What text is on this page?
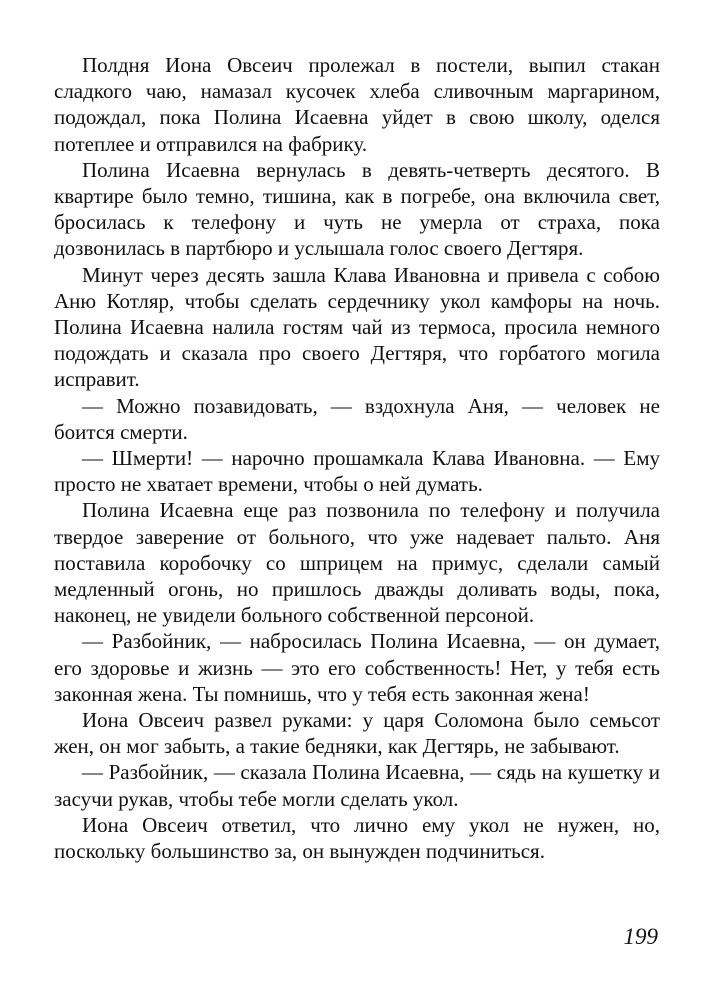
Полдня Иона Овсеич пролежал в постели, выпил стакан сладкого чаю, намазал кусочек хлеба сливочным маргарином, подождал, пока Полина Исаевна уйдет в свою школу, оделся потеплее и отправился на фабрику.

Полина Исаевна вернулась в девять-четверть десятого. В квартире было темно, тишина, как в погребе, она включила свет, бросилась к телефону и чуть не умерла от страха, пока дозвонилась в партбюро и услышала голос своего Дегтяря.

Минут через десять зашла Клава Ивановна и привела с собою Аню Котляр, чтобы сделать сердечнику укол камфоры на ночь. Полина Исаевна налила гостям чай из термоса, просила немного подождать и сказала про своего Дегтяря, что горбатого могила исправит.

— Можно позавидовать, — вздохнула Аня, — человек не боится смерти.

— Шмерти! — нарочно прошамкала Клава Ивановна. — Ему просто не хватает времени, чтобы о ней думать.

Полина Исаевна еще раз позвонила по телефону и получила твердое заверение от больного, что уже надевает пальто. Аня поставила коробочку со шприцем на примус, сделали самый медленный огонь, но пришлось дважды доливать воды, пока, наконец, не увидели больного собственной персоной.

— Разбойник, — набросилась Полина Исаевна, — он думает, его здоровье и жизнь — это его собственность! Нет, у тебя есть законная жена. Ты помнишь, что у тебя есть законная жена!

Иона Овсеич развел руками: у царя Соломона было семьсот жен, он мог забыть, а такие бедняки, как Дегтярь, не забывают.

— Разбойник, — сказала Полина Исаевна, — сядь на кушетку и засучи рукав, чтобы тебе могли сделать укол.

Иона Овсеич ответил, что лично ему укол не нужен, но, поскольку большинство за, он вынужден подчиниться.

199
